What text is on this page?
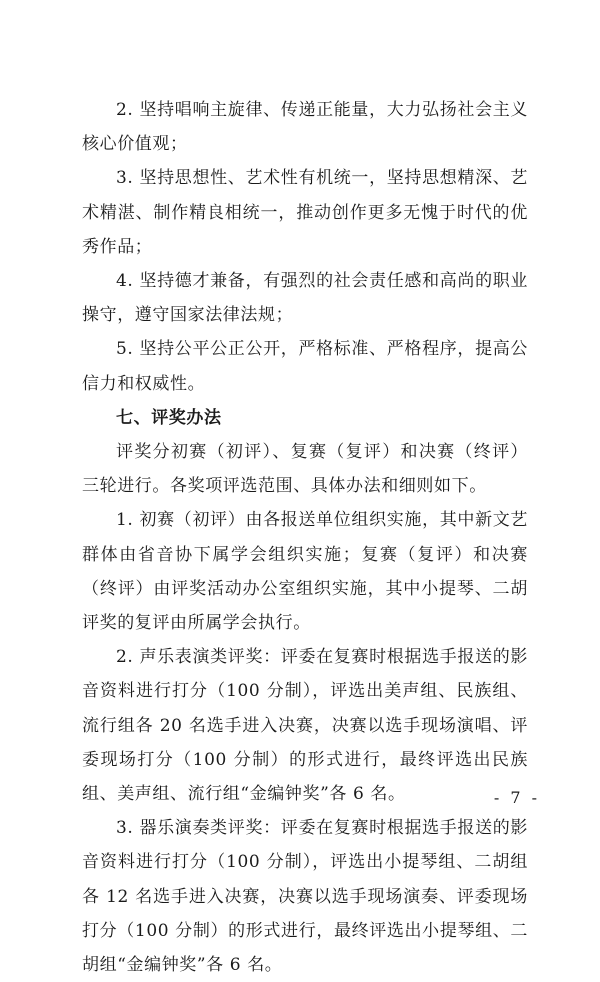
2. 坚持唱响主旋律、传递正能量，大力弘扬社会主义核心价值观；

3. 坚持思想性、艺术性有机统一，坚持思想精深、艺术精湛、制作精良相统一，推动创作更多无愧于时代的优秀作品；

4. 坚持德才兼备，有强烈的社会责任感和高尚的职业操守，遵守国家法律法规；

5. 坚持公平公正公开，严格标准、严格程序，提高公信力和权威性。

七、评奖办法

评奖分初赛（初评）、复赛（复评）和决赛（终评）三轮进行。各奖项评选范围、具体办法和细则如下。

1. 初赛（初评）由各报送单位组织实施，其中新文艺群体由省音协下属学会组织实施；复赛（复评）和决赛（终评）由评奖活动办公室组织实施，其中小提琴、二胡评奖的复评由所属学会执行。

2. 声乐表演类评奖：评委在复赛时根据选手报送的影音资料进行打分（100 分制），评选出美声组、民族组、流行组各 20 名选手进入决赛，决赛以选手现场演唱、评委现场打分（100 分制）的形式进行，最终评选出民族组、美声组、流行组“金编钟奖”各 6 名。

3. 器乐演奏类评奖：评委在复赛时根据选手报送的影音资料进行打分（100 分制），评选出小提琴组、二胡组各 12 名选手进入决赛，决赛以选手现场演奏、评委现场打分（100 分制）的形式进行，最终评选出小提琴组、二胡组“金编钟奖”各 6 名。

- 7 -
